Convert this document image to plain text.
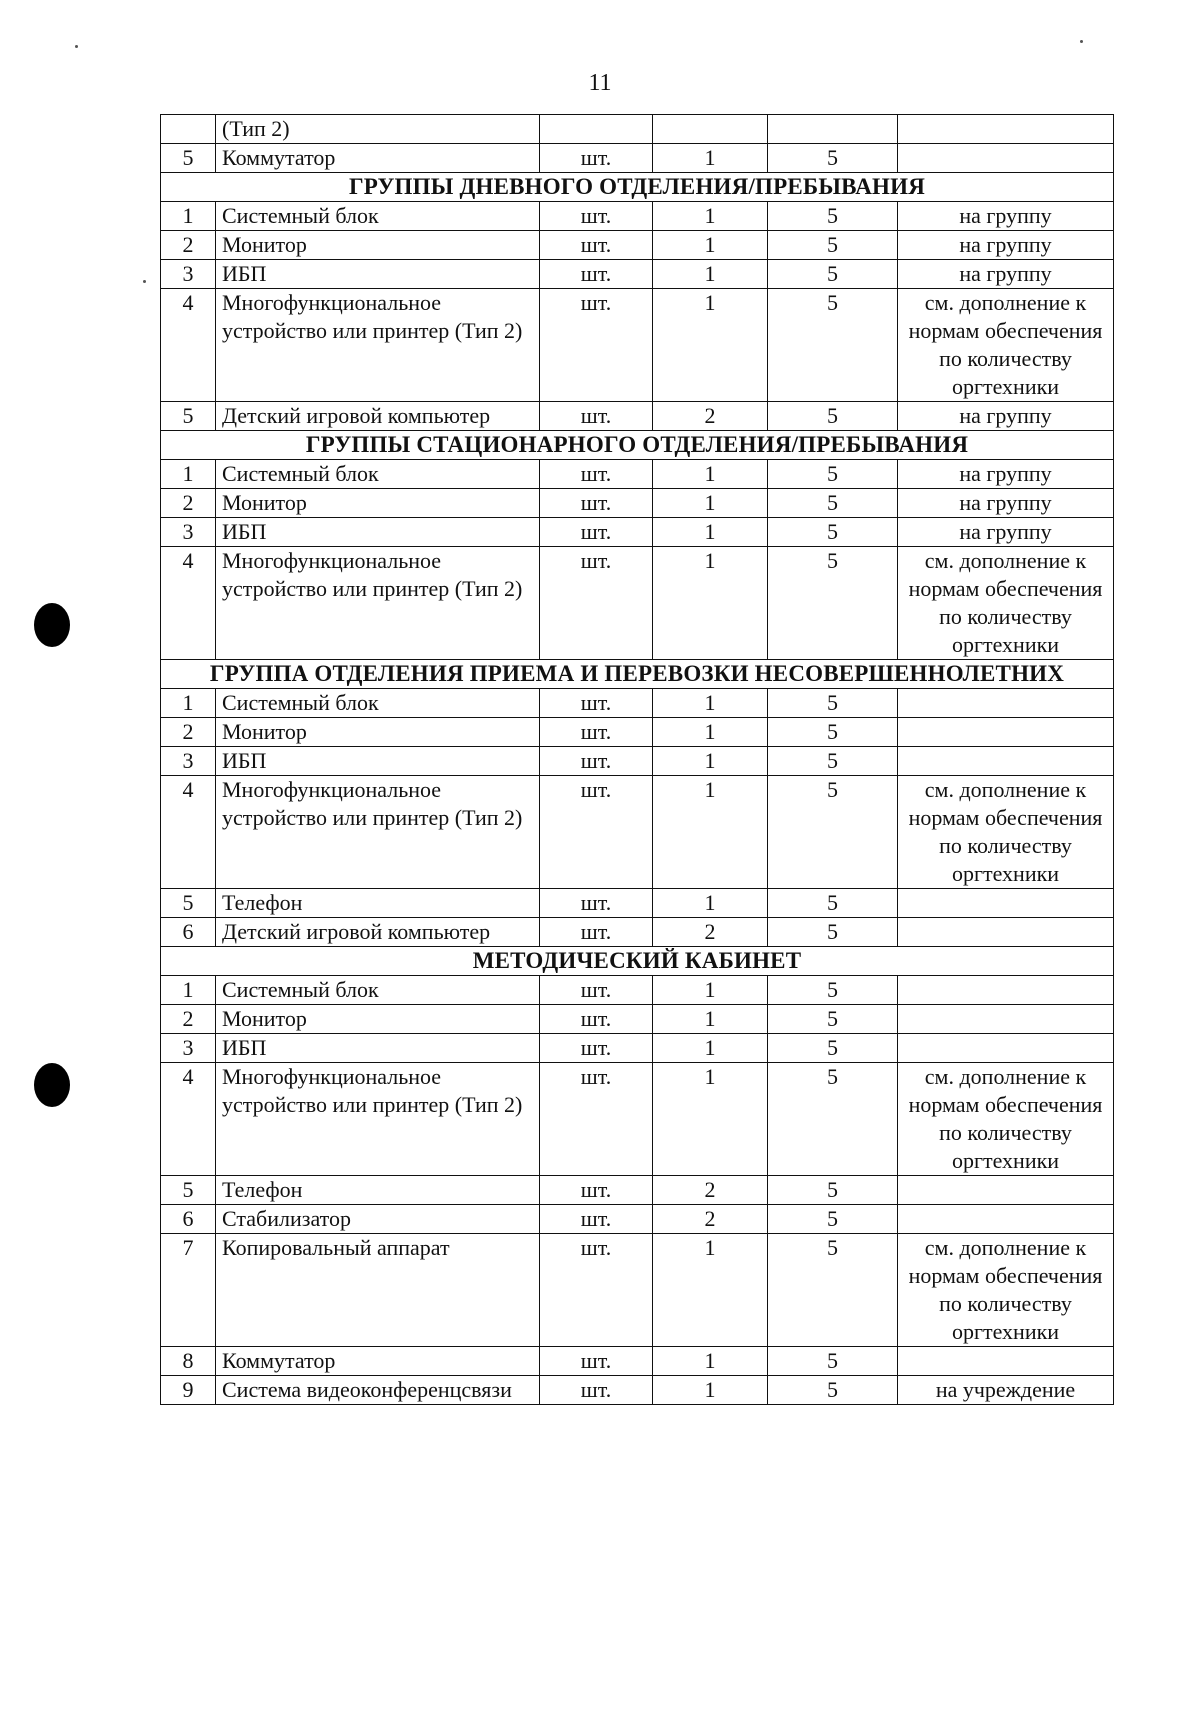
11
	(Тип 2)				
5	Коммутатор	шт.	1	5	
ГРУППЫ ДНЕВНОГО ОТДЕЛЕНИЯ/ПРЕБЫВАНИЯ					
1	Системный блок	шт.	1	5	на группу
2	Монитор	шт.	1	5	на группу
3	ИБП	шт.	1	5	на группу
4	Многофункциональное устройство или принтер (Тип 2)	шт.	1	5	см. дополнение к нормам обеспечения по количеству оргтехники
5	Детский игровой компьютер	шт.	2	5	на группу
ГРУППЫ СТАЦИОНАРНОГО ОТДЕЛЕНИЯ/ПРЕБЫВАНИЯ					
1	Системный блок	шт.	1	5	на группу
2	Монитор	шт.	1	5	на группу
3	ИБП	шт.	1	5	на группу
4	Многофункциональное устройство или принтер (Тип 2)	шт.	1	5	см. дополнение к нормам обеспечения по количеству оргтехники
ГРУППА ОТДЕЛЕНИЯ ПРИЕМА И ПЕРЕВОЗКИ НЕСОВЕРШЕННОЛЕТНИХ					
1	Системный блок	шт.	1	5	
2	Монитор	шт.	1	5	
3	ИБП	шт.	1	5	
4	Многофункциональное устройство или принтер (Тип 2)	шт.	1	5	см. дополнение к нормам обеспечения по количеству оргтехники
5	Телефон	шт.	1	5	
6	Детский игровой компьютер	шт.	2	5	
МЕТОДИЧЕСКИЙ КАБИНЕТ					
1	Системный блок	шт.	1	5	
2	Монитор	шт.	1	5	
3	ИБП	шт.	1	5	
4	Многофункциональное устройство или принтер (Тип 2)	шт.	1	5	см. дополнение к нормам обеспечения по количеству оргтехники
5	Телефон	шт.	2	5	
6	Стабилизатор	шт.	2	5	
7	Копировальный аппарат	шт.	1	5	см. дополнение к нормам обеспечения по количеству оргтехники
8	Коммутатор	шт.	1	5	
9	Система видеоконференцсвязи	шт.	1	5	на учреждение
